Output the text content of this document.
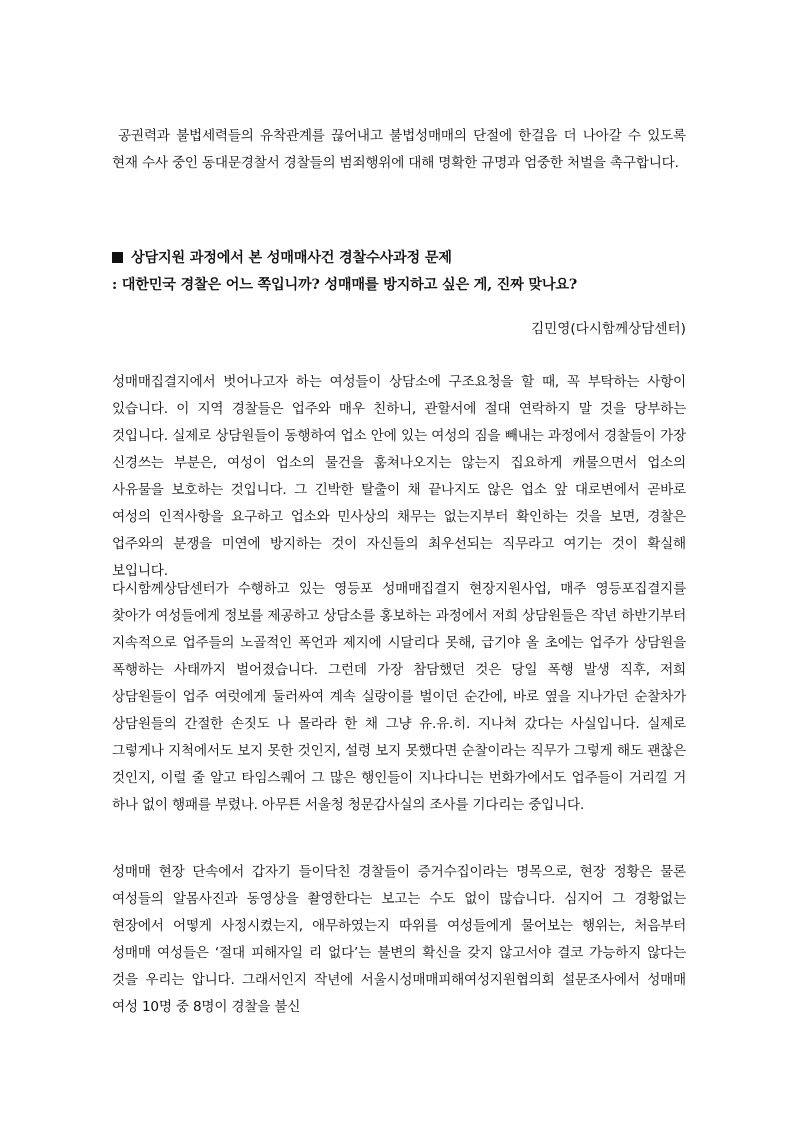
공권력과 불법세력들의 유착관계를 끊어내고 불법성매매의 단절에 한걸음 더 나아갈 수 있도록 현재 수사 중인 동대문경찰서 경찰들의 범죄행위에 대해 명확한 규명과 엄중한 처벌을 촉구합니다.

상담지원 과정에서 본 성매매사건 경찰수사과정 문제
: 대한민국 경찰은 어느 쪽입니까? 성매매를 방지하고 싶은 게, 진짜 맞나요?
김민영(다시함께상담센터)

성매매집결지에서 벗어나고자 하는 여성들이 상담소에 구조요청을 할 때, 꼭 부탁하는 사항이 있습니다. 이 지역 경찰들은 업주와 매우 친하니, 관할서에 절대 연락하지 말 것을 당부하는 것입니다. 실제로 상담원들이 동행하여 업소 안에 있는 여성의 짐을 빼내는 과정에서 경찰들이 가장 신경쓰는 부분은, 여성이 업소의 물건을 훔쳐나오지는 않는지 집요하게 캐물으면서 업소의 사유물을 보호하는 것입니다. 그 긴박한 탈출이 채 끝나지도 않은 업소 앞 대로변에서 곧바로 여성의 인적사항을 요구하고 업소와 민사상의 채무는 없는지부터 확인하는 것을 보면, 경찰은 업주와의 분쟁을 미연에 방지하는 것이 자신들의 최우선되는 직무라고 여기는 것이 확실해 보입니다.

다시함께상담센터가 수행하고 있는 영등포 성매매집결지 현장지원사업, 매주 영등포집결지를 찾아가 여성들에게 정보를 제공하고 상담소를 홍보하는 과정에서 저희 상담원들은 작년 하반기부터 지속적으로 업주들의 노골적인 폭언과 제지에 시달리다 못해, 급기야 올 초에는 업주가 상담원을 폭행하는 사태까지 벌어졌습니다. 그런데 가장 참담했던 것은 당일 폭행 발생 직후, 저희 상담원들이 업주 여럿에게 둘러싸여 계속 실랑이를 벌이던 순간에, 바로 옆을 지나가던 순찰차가 상담원들의 간절한 손짓도 나 몰라라 한 채 그냥 유.유.히. 지나쳐 갔다는 사실입니다. 실제로 그렇게나 지척에서도 보지 못한 것인지, 설령 보지 못했다면 순찰이라는 직무가 그렇게 해도 괜찮은 것인지, 이럴 줄 알고 타임스퀘어 그 많은 행인들이 지나다니는 번화가에서도 업주들이 거리낄 거 하나 없이 행패를 부렸나. 아무튼 서울청 청문감사실의 조사를 기다리는 중입니다.

성매매 현장 단속에서 갑자기 들이닥친 경찰들이 증거수집이라는 명목으로, 현장 정황은 물론 여성들의 알몸사진과 동영상을 촬영한다는 보고는 수도 없이 많습니다. 심지어 그 경황없는 현장에서 어떻게 사정시켰는지, 애무하였는지 따위를 여성들에게 물어보는 행위는, 처음부터 성매매 여성들은 ‘절대 피해자일 리 없다’는 불변의 확신을 갖지 않고서야 결코 가능하지 않다는 것을 우리는 압니다. 그래서인지 작년에 서울시성매매피해여성지원협의회 설문조사에서 성매매 여성 10명 중 8명이 경찰을 불신
